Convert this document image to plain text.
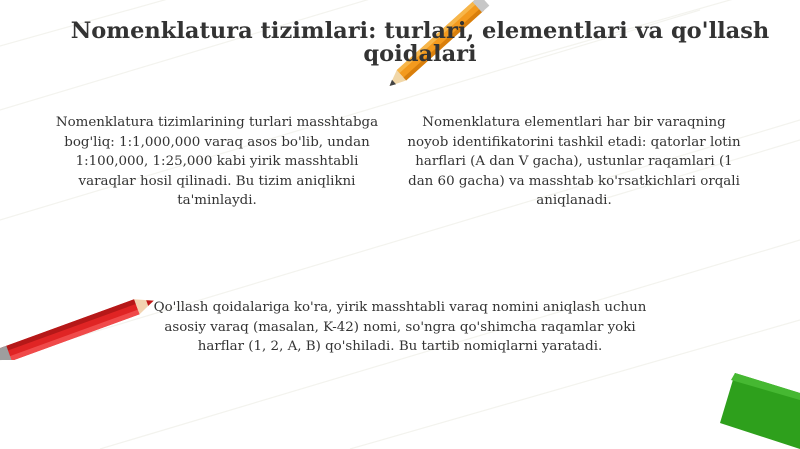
Nomenklatura tizimlari: turlari, elementlari va qo'llash qoidalari
Nomenklatura tizimlarining turlari masshtabga bog'liq: 1:1,000,000 varaq asos bo'lib, undan 1:100,000, 1:25,000 kabi yirik masshtabli varaqlar hosil qilinadi. Bu tizim aniqlikni ta'minlaydi.
Nomenklatura elementlari har bir varaqning noyob identifikatorini tashkil etadi: qatorlar lotin harflari (A dan V gacha), ustunlar raqamlari (1 dan 60 gacha) va masshtab ko'rsatkichlari orqali aniqlanadi.
Qo'llash qoidalariga ko'ra, yirik masshtabli varaq nomini aniqlash uchun asosiy varaq (masalan, K-42) nomi, so'ngra qo'shimcha raqamlar yoki harflar (1, 2, A, B) qo'shiladi. Bu tartib nomiqlarni yaratadi.
